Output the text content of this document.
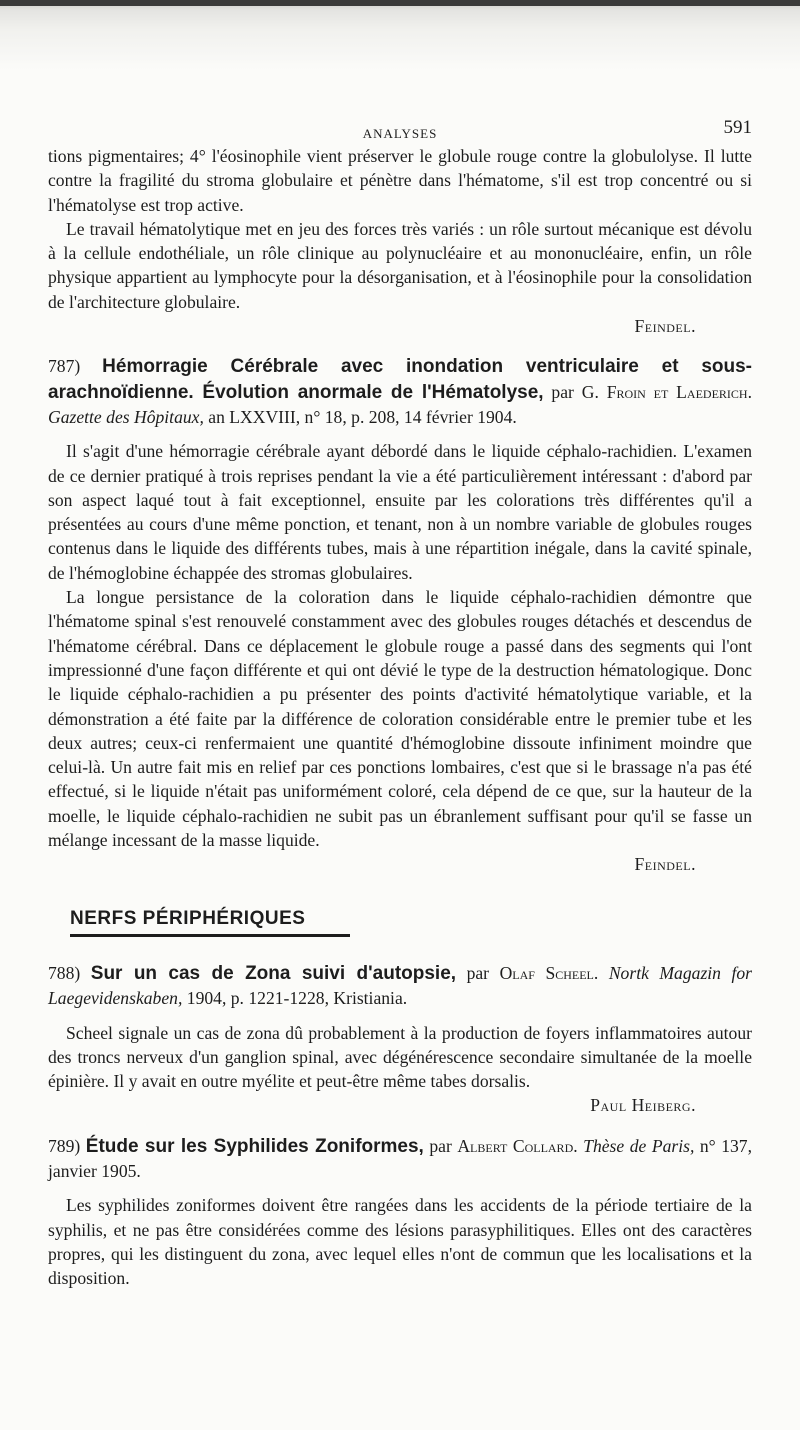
ANALYSES	591

tions pigmentaires; 4° l'éosinophile vient préserver le globule rouge contre la globulolyse. Il lutte contre la fragilité du stroma globulaire et pénètre dans l'hématome, s'il est trop concentré ou si l'hématolyse est trop active.

Le travail hématolytique met en jeu des forces très variés : un rôle surtout mécanique est dévolu à la cellule endothéliale, un rôle clinique au polynucléaire et au mononucléaire, enfin, un rôle physique appartient au lymphocyte pour la désorganisation, et à l'éosinophile pour la consolidation de l'architecture globulaire.

Feindel.

787) Hémorragie Cérébrale avec inondation ventriculaire et sous-arachnoïdienne. Évolution anormale de l'Hématolyse, par G. Froin et Laederich. Gazette des Hôpitaux, an LXXVIII, n° 18, p. 208, 14 février 1904.

Il s'agit d'une hémorragie cérébrale ayant débordé dans le liquide céphalo-rachidien. L'examen de ce dernier pratiqué à trois reprises pendant la vie a été particulièrement intéressant : d'abord par son aspect laqué tout à fait exceptionnel, ensuite par les colorations très différentes qu'il a présentées au cours d'une même ponction, et tenant, non à un nombre variable de globules rouges contenus dans le liquide des différents tubes, mais à une répartition inégale, dans la cavité spinale, de l'hémoglobine échappée des stromas globulaires.

La longue persistance de la coloration dans le liquide céphalo-rachidien démontre que l'hématome spinal s'est renouvelé constamment avec des globules rouges détachés et descendus de l'hématome cérébral. Dans ce déplacement le globule rouge a passé dans des segments qui l'ont impressionné d'une façon différente et qui ont dévié le type de la destruction hématologique. Donc le liquide céphalo-rachidien a pu présenter des points d'activité hématolytique variable, et la démonstration a été faite par la différence de coloration considérable entre le premier tube et les deux autres; ceux-ci renfermaient une quantité d'hémoglobine dissoute infiniment moindre que celui-là. Un autre fait mis en relief par ces ponctions lombaires, c'est que si le brassage n'a pas été effectué, si le liquide n'était pas uniformément coloré, cela dépend de ce que, sur la hauteur de la moelle, le liquide céphalo-rachidien ne subit pas un ébranlement suffisant pour qu'il se fasse un mélange incessant de la masse liquide.

Feindel.

NERFS PÉRIPHÉRIQUES

788) Sur un cas de Zona suivi d'autopsie, par Olaf Scheel. Nortk Magazin for Laegevidenskaben, 1904, p. 1221-1228, Kristiania.

Scheel signale un cas de zona dû probablement à la production de foyers inflammatoires autour des troncs nerveux d'un ganglion spinal, avec dégénérescence secondaire simultanée de la moelle épinière. Il y avait en outre myélite et peut-être même tabes dorsalis.

Paul Heiberg.

789) Étude sur les Syphilides Zoniformes, par Albert Collard. Thèse de Paris, n° 137, janvier 1905.

Les syphilides zoniformes doivent être rangées dans les accidents de la période tertiaire de la syphilis, et ne pas être considérées comme des lésions parasyphilitiques. Elles ont des caractères propres, qui les distinguent du zona, avec lequel elles n'ont de commun que les localisations et la disposition.
